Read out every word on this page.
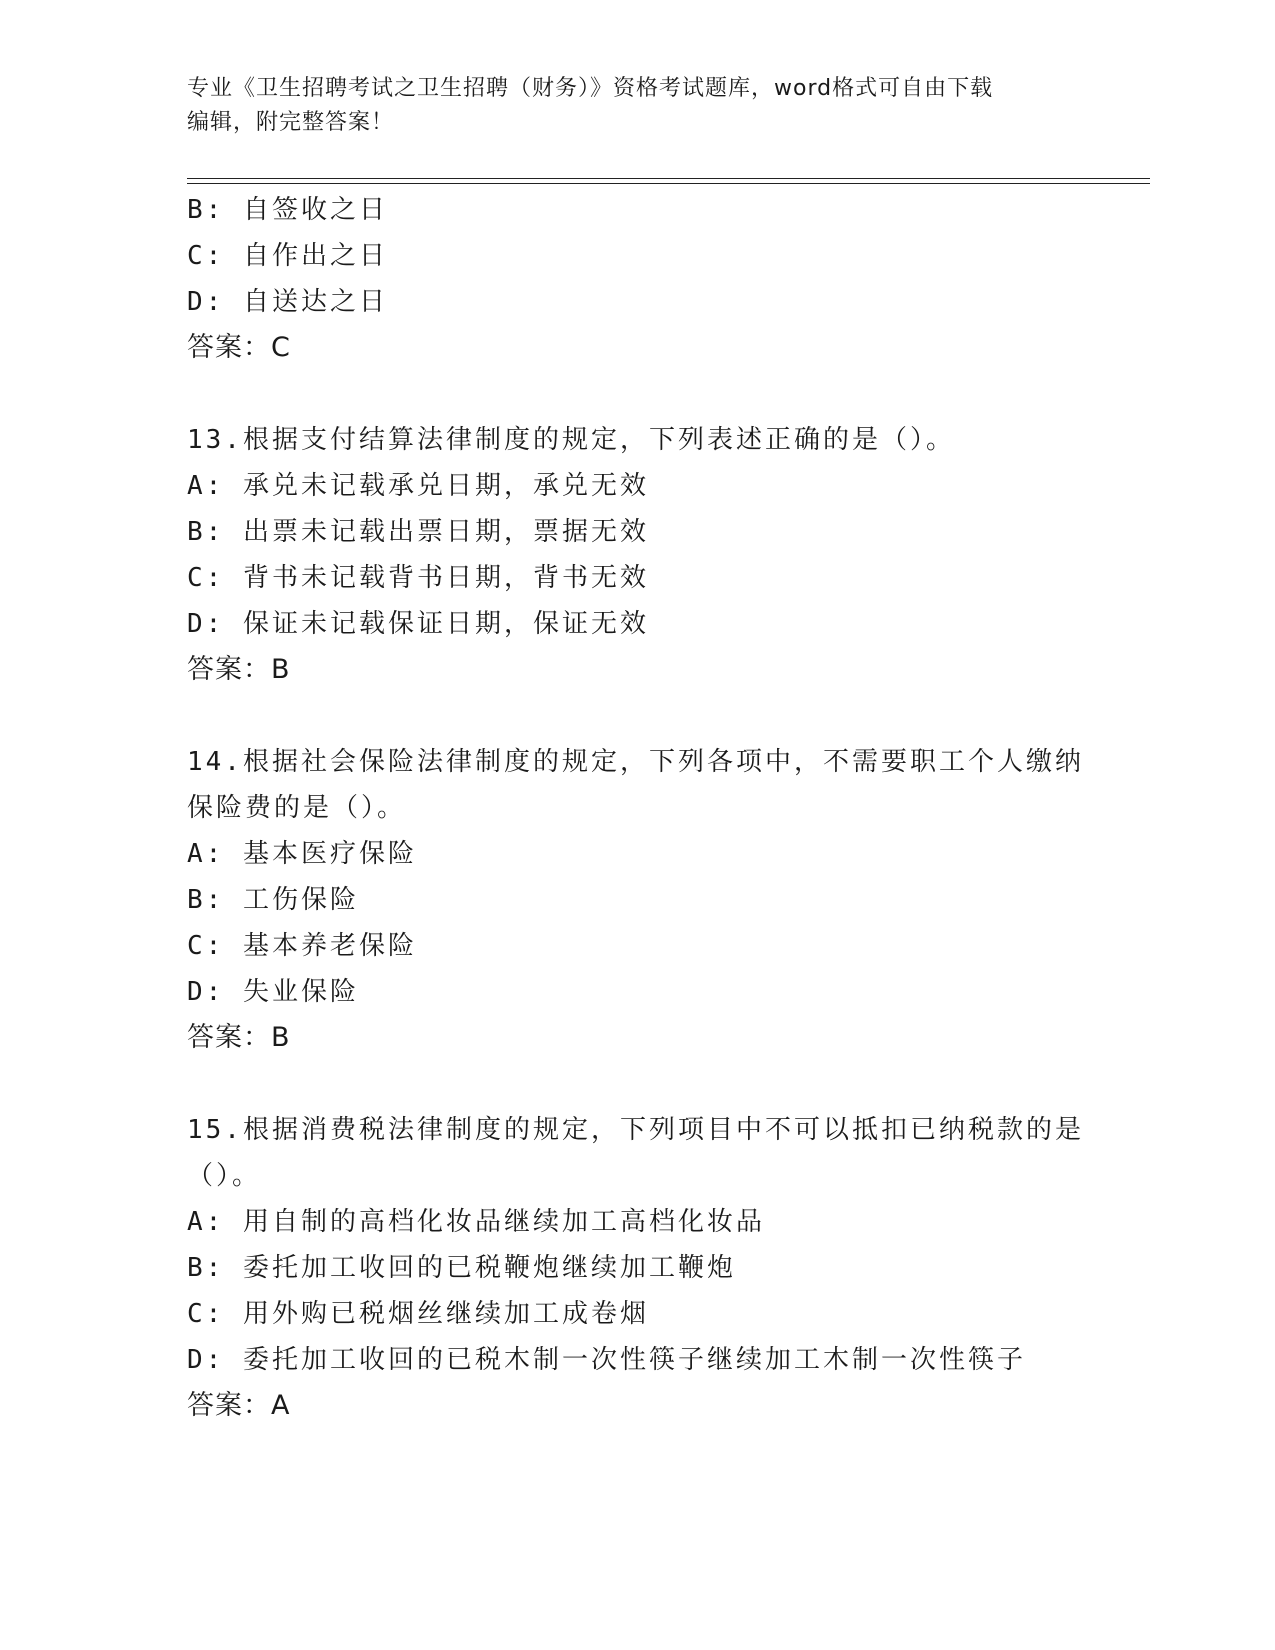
专业《卫生招聘考试之卫生招聘（财务）》资格考试题库，word格式可自由下载
编辑，附完整答案！
B: 自签收之日
C: 自作出之日
D: 自送达之日
答案：C
13.根据支付结算法律制度的规定，下列表述正确的是（）。
A: 承兑未记载承兑日期，承兑无效
B: 出票未记载出票日期，票据无效
C: 背书未记载背书日期，背书无效
D: 保证未记载保证日期，保证无效
答案：B
14.根据社会保险法律制度的规定，下列各项中，不需要职工个人缴纳
保险费的是（）。
A: 基本医疗保险
B: 工伤保险
C: 基本养老保险
D: 失业保险
答案：B
15.根据消费税法律制度的规定，下列项目中不可以抵扣已纳税款的是
（）。
A: 用自制的高档化妆品继续加工高档化妆品
B: 委托加工收回的已税鞭炮继续加工鞭炮
C: 用外购已税烟丝继续加工成卷烟
D: 委托加工收回的已税木制一次性筷子继续加工木制一次性筷子
答案：A
